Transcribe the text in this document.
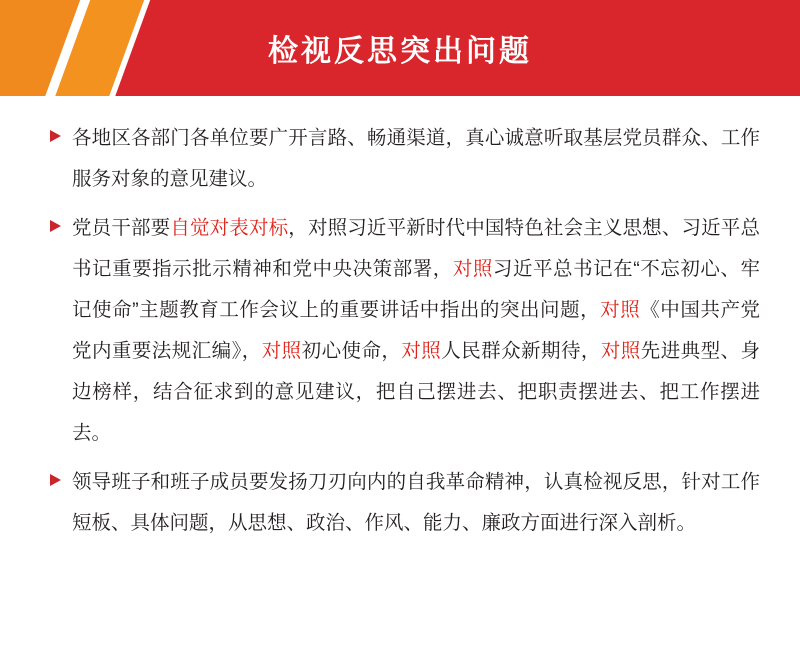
检视反思突出问题
各地区各部门各单位要广开言路、畅通渠道，真心诚意听取基层党员群众、工作服务对象的意见建议。
党员干部要自觉对表对标，对照习近平新时代中国特色社会主义思想、习近平总书记重要指示批示精神和党中央决策部署，对照习近平总书记在“不忘初心、牢记使命”主题教育工作会议上的重要讲话中指出的突出问题，对照《中国共产党党内重要法规汇编》，对照初心使命，对照人民群众新期待，对照先进典型、身边榜样，结合征求到的意见建议，把自己摆进去、把职责摆进去、把工作摆进去。
领导班子和班子成员要发扬刀刃向内的自我革命精神，认真检视反思，针对工作短板、具体问题，从思想、政治、作风、能力、廉政方面进行深入剖析。
